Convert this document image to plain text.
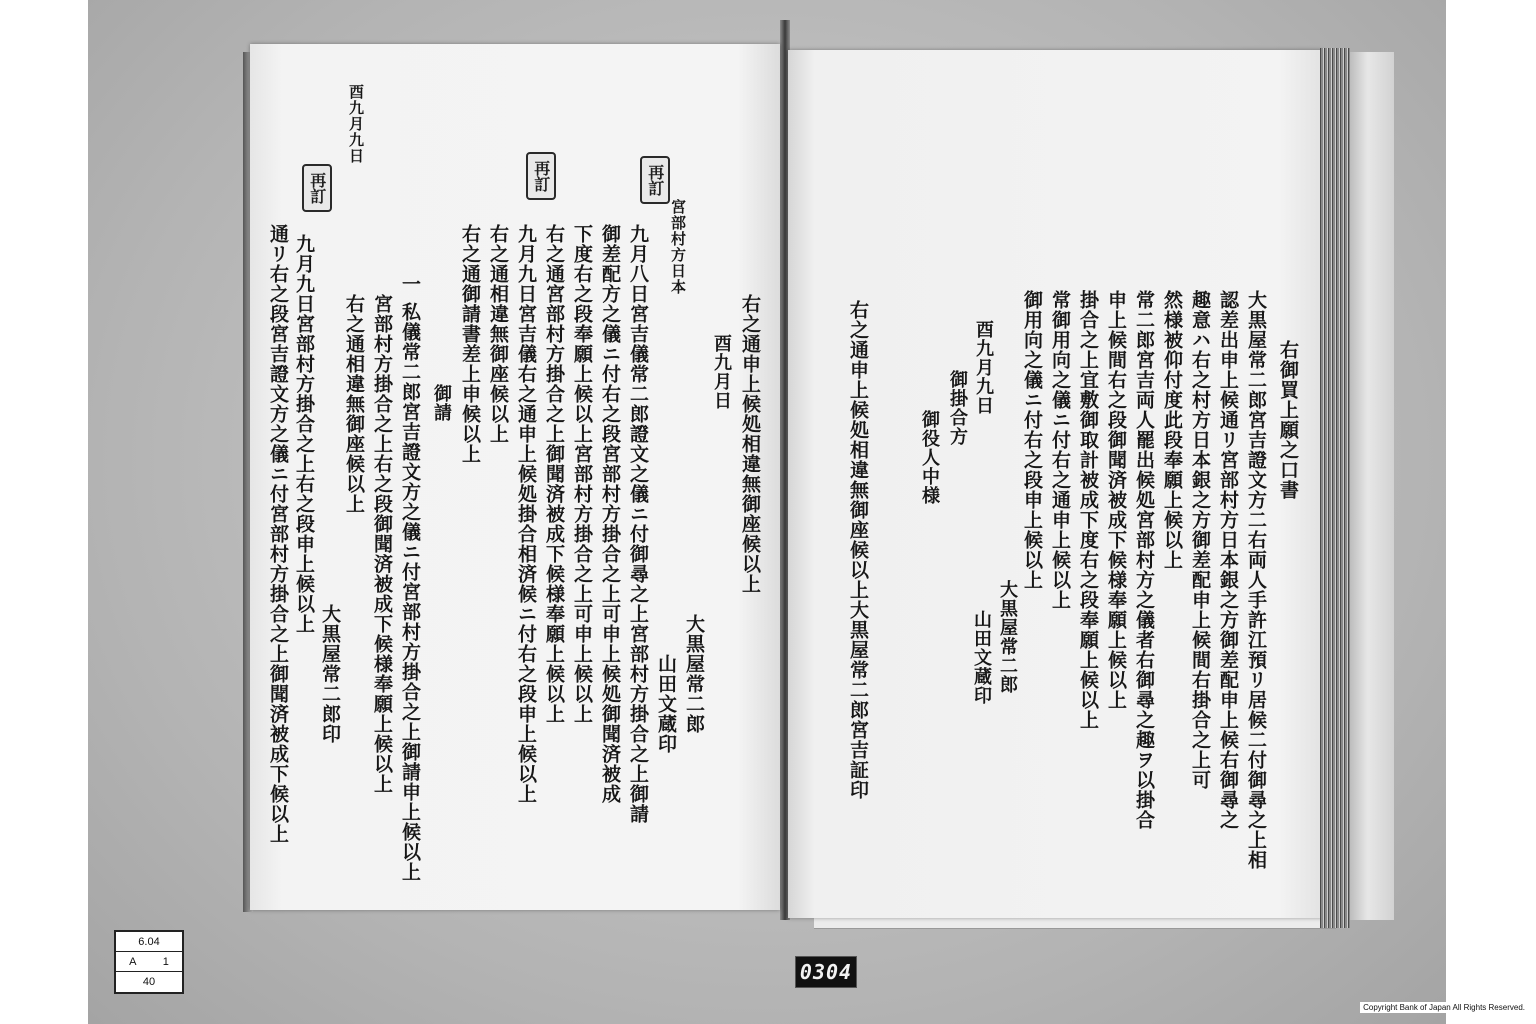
再訂	再訂	再訂
宮部村方日本
右之通申上候処相違無御座候以上
酉九月日
大黒屋常二郎
山田文蔵印
九月八日宮吉儀常二郎證文之儀ニ付御尋之上宮部村方掛合之上御請
御差配方之儀ニ付右之段宮部村方掛合之上可申上候処御聞済被成
下度右之段奉願上候以上宮部村方掛合之上可申上候以上
右之通宮部村方掛合之上御聞済被成下候様奉願上候以上
九月九日宮吉儀右之通申上候処掛合相済候ニ付右之段申上候以上
右之通相違無御座候以上
右之通御請書差上申候以上
御請
一 私儀常二郎宮吉證文方之儀ニ付宮部村方掛合之上御請申上候以上
宮部村方掛合之上右之段御聞済被成下候様奉願上候以上
右之通相違無御座候以上
酉九月九日
大黒屋常二郎印
九月九日宮部村方掛合之上右之段申上候以上
通リ右之段宮吉證文方之儀ニ付宮部村方掛合之上御聞済被成下候以上	右御買上願之口書
大黒屋常二郎宮吉證文方二右両人手許江預リ居候二付御尋之上相
認差出申上候通リ宮部村方日本銀之方御差配申上候右御尋之
趣意ハ右之村方日本銀之方御差配申上候間右掛合之上可
然様被仰付度此段奉願上候以上
常二郎宮吉両人罷出候処宮部村方之儀者右御尋之趣ヲ以掛合
申上候間右之段御聞済被成下候様奉願上候以上
掛合之上宜敷御取計被成下度右之段奉願上候以上
常御用向之儀ニ付右之通申上候以上
御用向之儀ニ付右之段申上候以上
大黒屋常二郎
山田文蔵印
酉九月九日
御掛合方
御役人中様
右之通申上候処相違無御座候以上大黒屋常二郎宮吉証印
6.04
A 1
40	0304
Copyright Bank of Japan All Rights Reserved.
